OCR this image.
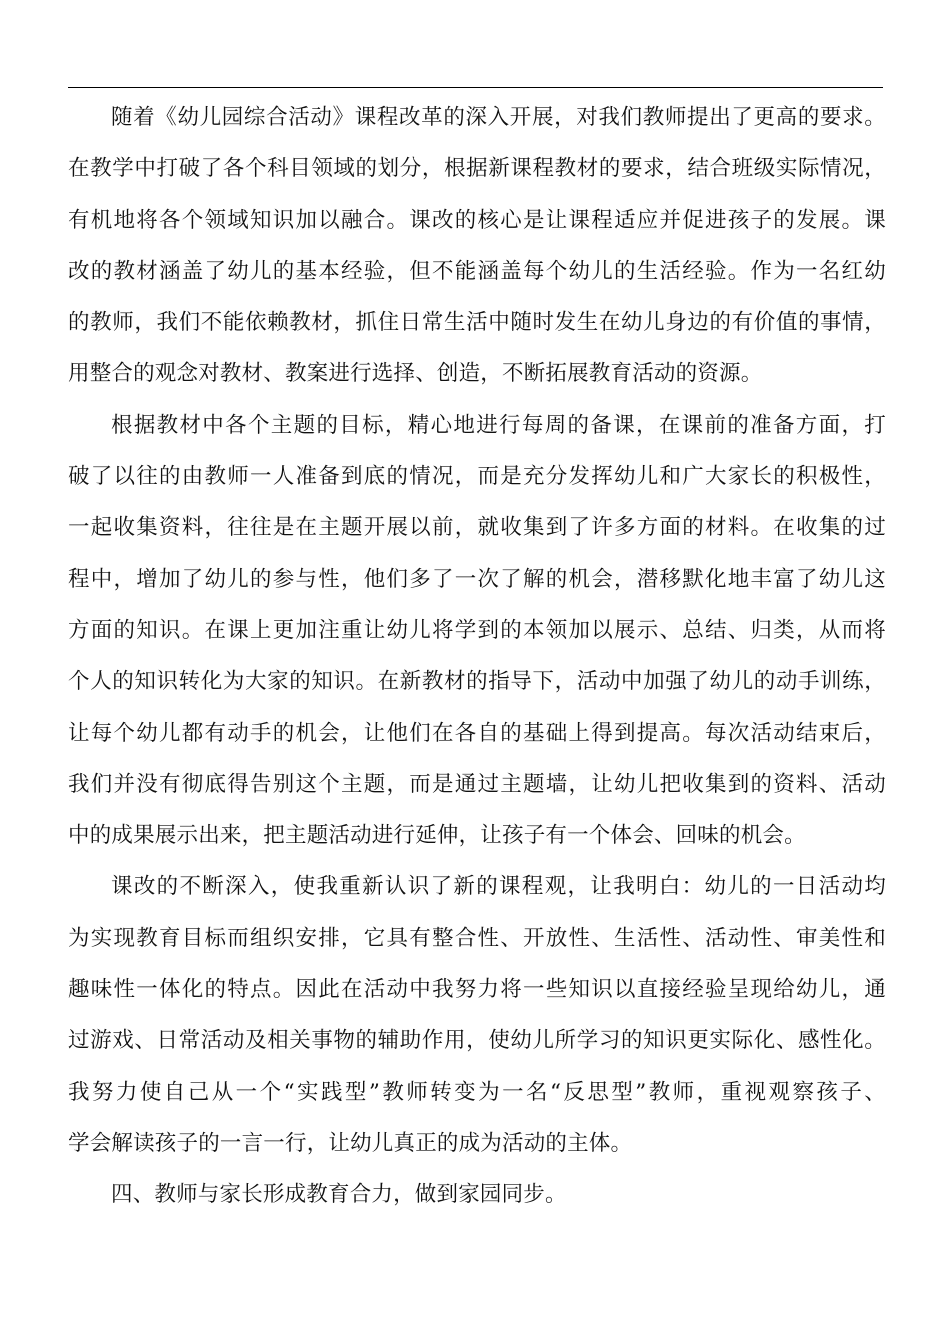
随着《幼儿园综合活动》课程改革的深入开展，对我们教师提出了更高的要求。
在教学中打破了各个科目领域的划分，根据新课程教材的要求，结合班级实际情况，
有机地将各个领域知识加以融合。课改的核心是让课程适应并促进孩子的发展。课
改的教材涵盖了幼儿的基本经验，但不能涵盖每个幼儿的生活经验。作为一名红幼
的教师，我们不能依赖教材，抓住日常生活中随时发生在幼儿身边的有价值的事情，
用整合的观念对教材、教案进行选择、创造，不断拓展教育活动的资源。
根据教材中各个主题的目标，精心地进行每周的备课，在课前的准备方面，打
破了以往的由教师一人准备到底的情况，而是充分发挥幼儿和广大家长的积极性，
一起收集资料，往往是在主题开展以前，就收集到了许多方面的材料。在收集的过
程中，增加了幼儿的参与性，他们多了一次了解的机会，潜移默化地丰富了幼儿这
方面的知识。在课上更加注重让幼儿将学到的本领加以展示、总结、归类，从而将
个人的知识转化为大家的知识。在新教材的指导下，活动中加强了幼儿的动手训练，
让每个幼儿都有动手的机会，让他们在各自的基础上得到提高。每次活动结束后，
我们并没有彻底得告别这个主题，而是通过主题墙，让幼儿把收集到的资料、活动
中的成果展示出来，把主题活动进行延伸，让孩子有一个体会、回味的机会。
课改的不断深入，使我重新认识了新的课程观，让我明白：幼儿的一日活动均
为实现教育目标而组织安排，它具有整合性、开放性、生活性、活动性、审美性和
趣味性一体化的特点。因此在活动中我努力将一些知识以直接经验呈现给幼儿，通
过游戏、日常活动及相关事物的辅助作用，使幼儿所学习的知识更实际化、感性化。
我努力使自己从一个“实践型”教师转变为一名“反思型”教师，重视观察孩子、
学会解读孩子的一言一行，让幼儿真正的成为活动的主体。
四、教师与家长形成教育合力，做到家园同步。
